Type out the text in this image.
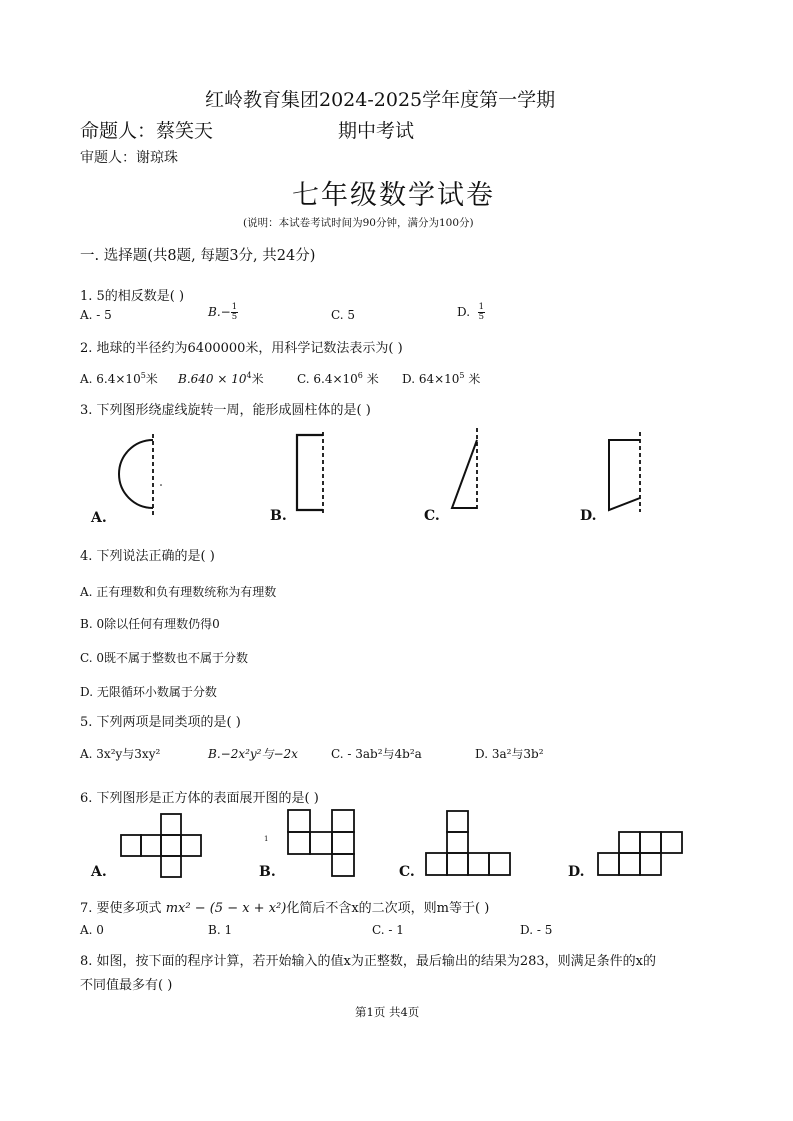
红岭教育集团2024-2025学年度第一学期
命题人：蔡笑天	期中考试
审题人：谢琼珠
七年级数学试卷
(说明：本试卷考试时间为90分钟，满分为100分)
一. 选择题(共8题, 每题3分, 共24分)
1. 5的相反数是( )
A. - 5	$B.- \frac{1}{5}$	C. 5	D. $\frac{1}{5}$
2. 地球的半径约为6400000米，用科学记数法表示为( )
A. $6.4\times 10^5$米 $B.640 \times 10^4$米	C. $6.4\times 10^6$ 米 D. $64\times 10^5$ 米
3. 下列图形绕虚线旋转一周，能形成圆柱体的是( )
A.	B.	C.	D.
4. 下列说法正确的是( )
A. 正有理数和负有理数统称为有理数
B. 0除以任何有理数仍得0
C. 0既不属于整数也不属于分数
D. 无限循环小数属于分数
5. 下列两项是同类项的是( )
A. 3x²y与3xy²	B.−2x²y²与−2x	C. - 3ab²与4b²a	D. 3a²与3b²
6. 下列图形是正方体的表面展开图的是( )
1
A.	B.	C.	D.
7. 要使多项式 mx² − (5 − x + x²)化简后不含x的二次项，则m等于( )
A. 0	B. 1	C. - 1	D. - 5
8. 如图，按下面的程序计算，若开始输入的值x为正整数，最后输出的结果为283，则满足条件的x的
不同值最多有( )
第1页 共4页
